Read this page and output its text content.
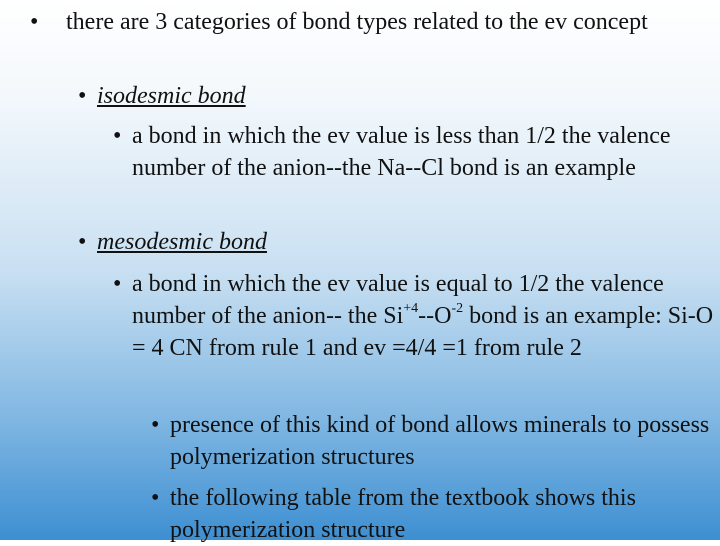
• there are 3 categories of bond types related to the ev concept
• isodesmic bond
• a bond in which the ev value is less than 1/2 the valence number of the anion--the Na--Cl bond is an example
• mesodesmic bond
• a bond in which the ev value is equal to 1/2 the valence number of the anion-- the $Si^{+4}--O^{-2}$ bond is an example: Si-O = 4 CN from rule 1 and ev =4/4 =1 from rule 2
• presence of this kind of bond allows minerals to possess polymerization structures
• the following table from the textbook shows this polymerization structure
